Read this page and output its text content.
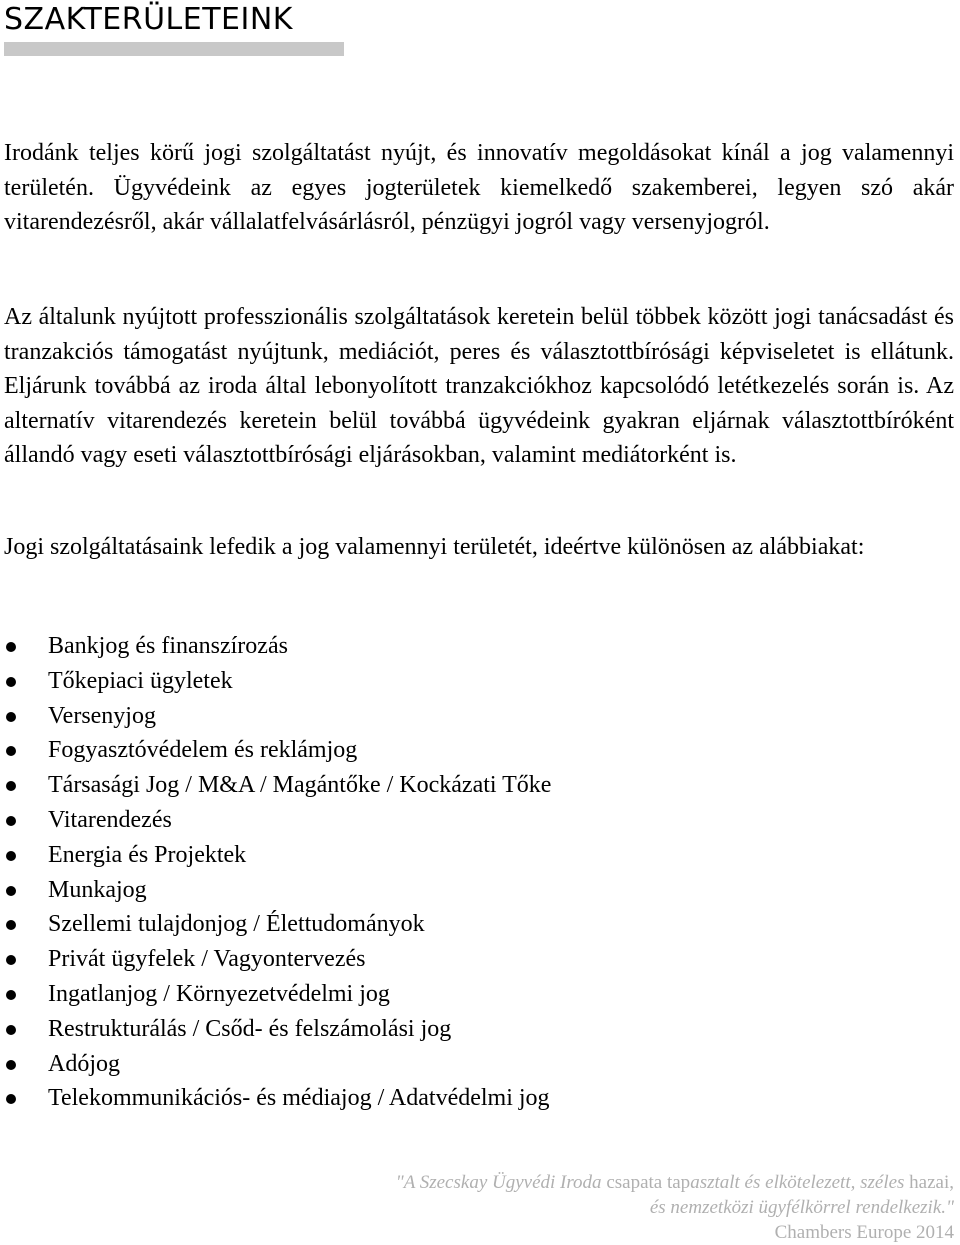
SZAKTERÜLETEINK

Irodánk teljes körű jogi szolgáltatást nyújt, és innovatív megoldásokat kínál a jog valamennyi területén. Ügyvédeink az egyes jogterületek kiemelkedő szakemberei, legyen szó akár vitarendezésről, akár vállalatfelvásárlásról, pénzügyi jogról vagy versenyjogról.

Az általunk nyújtott professzionális szolgáltatások keretein belül többek között jogi tanácsadást és tranzakciós támogatást nyújtunk, mediációt, peres és választottbírósági képviseletet is ellátunk. Eljárunk továbbá az iroda által lebonyolított tranzakciókhoz kapcsolódó letétkezelés során is. Az alternatív vitarendezés keretein belül továbbá ügyvédeink gyakran eljárnak választottbíróként állandó vagy eseti választottbírósági eljárásokban, valamint mediátorként is.

Jogi szolgáltatásaink lefedik a jog valamennyi területét, ideértve különösen az alábbiakat:

Bankjog és finanszírozás
Tőkepiaci ügyletek
Versenyjog
Fogyasztóvédelem és reklámjog
Társasági Jog / M&A / Magántőke / Kockázati Tőke
Vitarendezés
Energia és Projektek
Munkajog
Szellemi tulajdonjog / Élettudományok
Privát ügyfelek / Vagyontervezés
Ingatlanjog / Környezetvédelmi jog
Restrukturálás / Csőd- és felszámolási jog
Adójog
Telekommunikációs- és médiajog / Adatvédelmi jog

"A Szecskay Ügyvédi Iroda csapata tapasztalt és elkötelezett, széles hazai,
és nemzetközi ügyfélkörrel rendelkezik."
Chambers Europe 2014
